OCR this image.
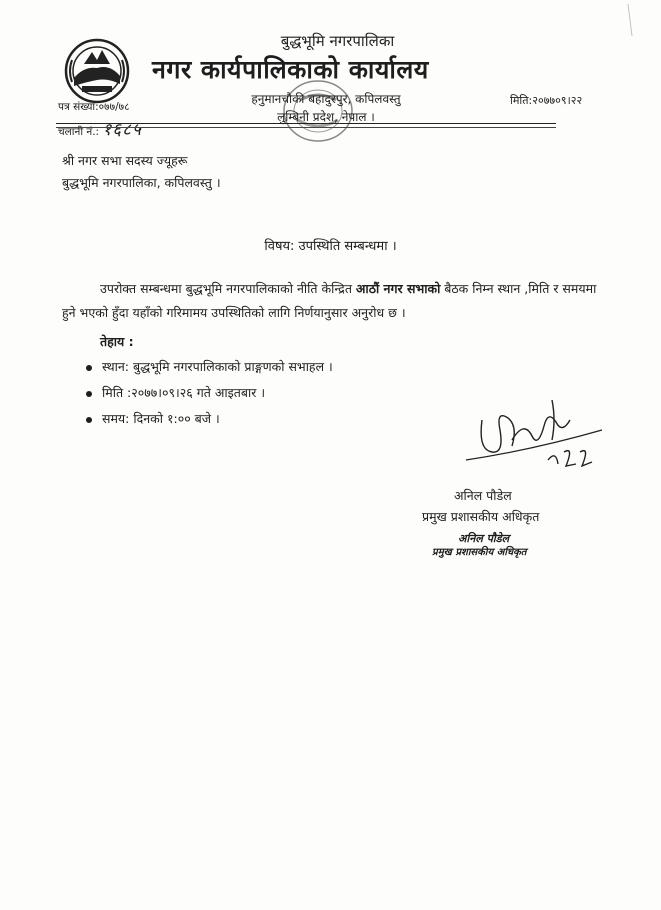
बुद्धभूमि नगरपालिका
नगर कार्यपालिकाको कार्यालय
पत्र संख्या:०७७/७८
चलानी नं.: १६८५
हनुमानचौकी बहादुरपुर, कपिलवस्तु
लुम्बिनी प्रदेश, नेपाल ।
मिति:२०७७०९।२२
श्री नगर सभा सदस्य ज्यूहरू
बुद्धभूमि नगरपालिका, कपिलवस्तु ।
विषय: उपस्थिति सम्बन्धमा ।
उपरोक्त सम्बन्धमा बुद्धभूमि नगरपालिकाको नीति केन्द्रित आठौं नगर सभाको बैठक निम्न स्थान ,मिति र समयमा हुने भएको हुँदा यहाँको गरिमामय उपस्थितिको लागि निर्णयानुसार अनुरोध छ ।
तेहाय :
स्थान: बुद्धभूमि नगरपालिकाको प्राङ्गणको सभाहल ।
मिति :२०७७।०९।२६ गते आइतबार ।
समय: दिनको १:०० बजे ।
अनिल पौडेल
प्रमुख प्रशासकीय अधिकृत
अनिल पौडेल
प्रमुख प्रशासकीय अधिकृत
